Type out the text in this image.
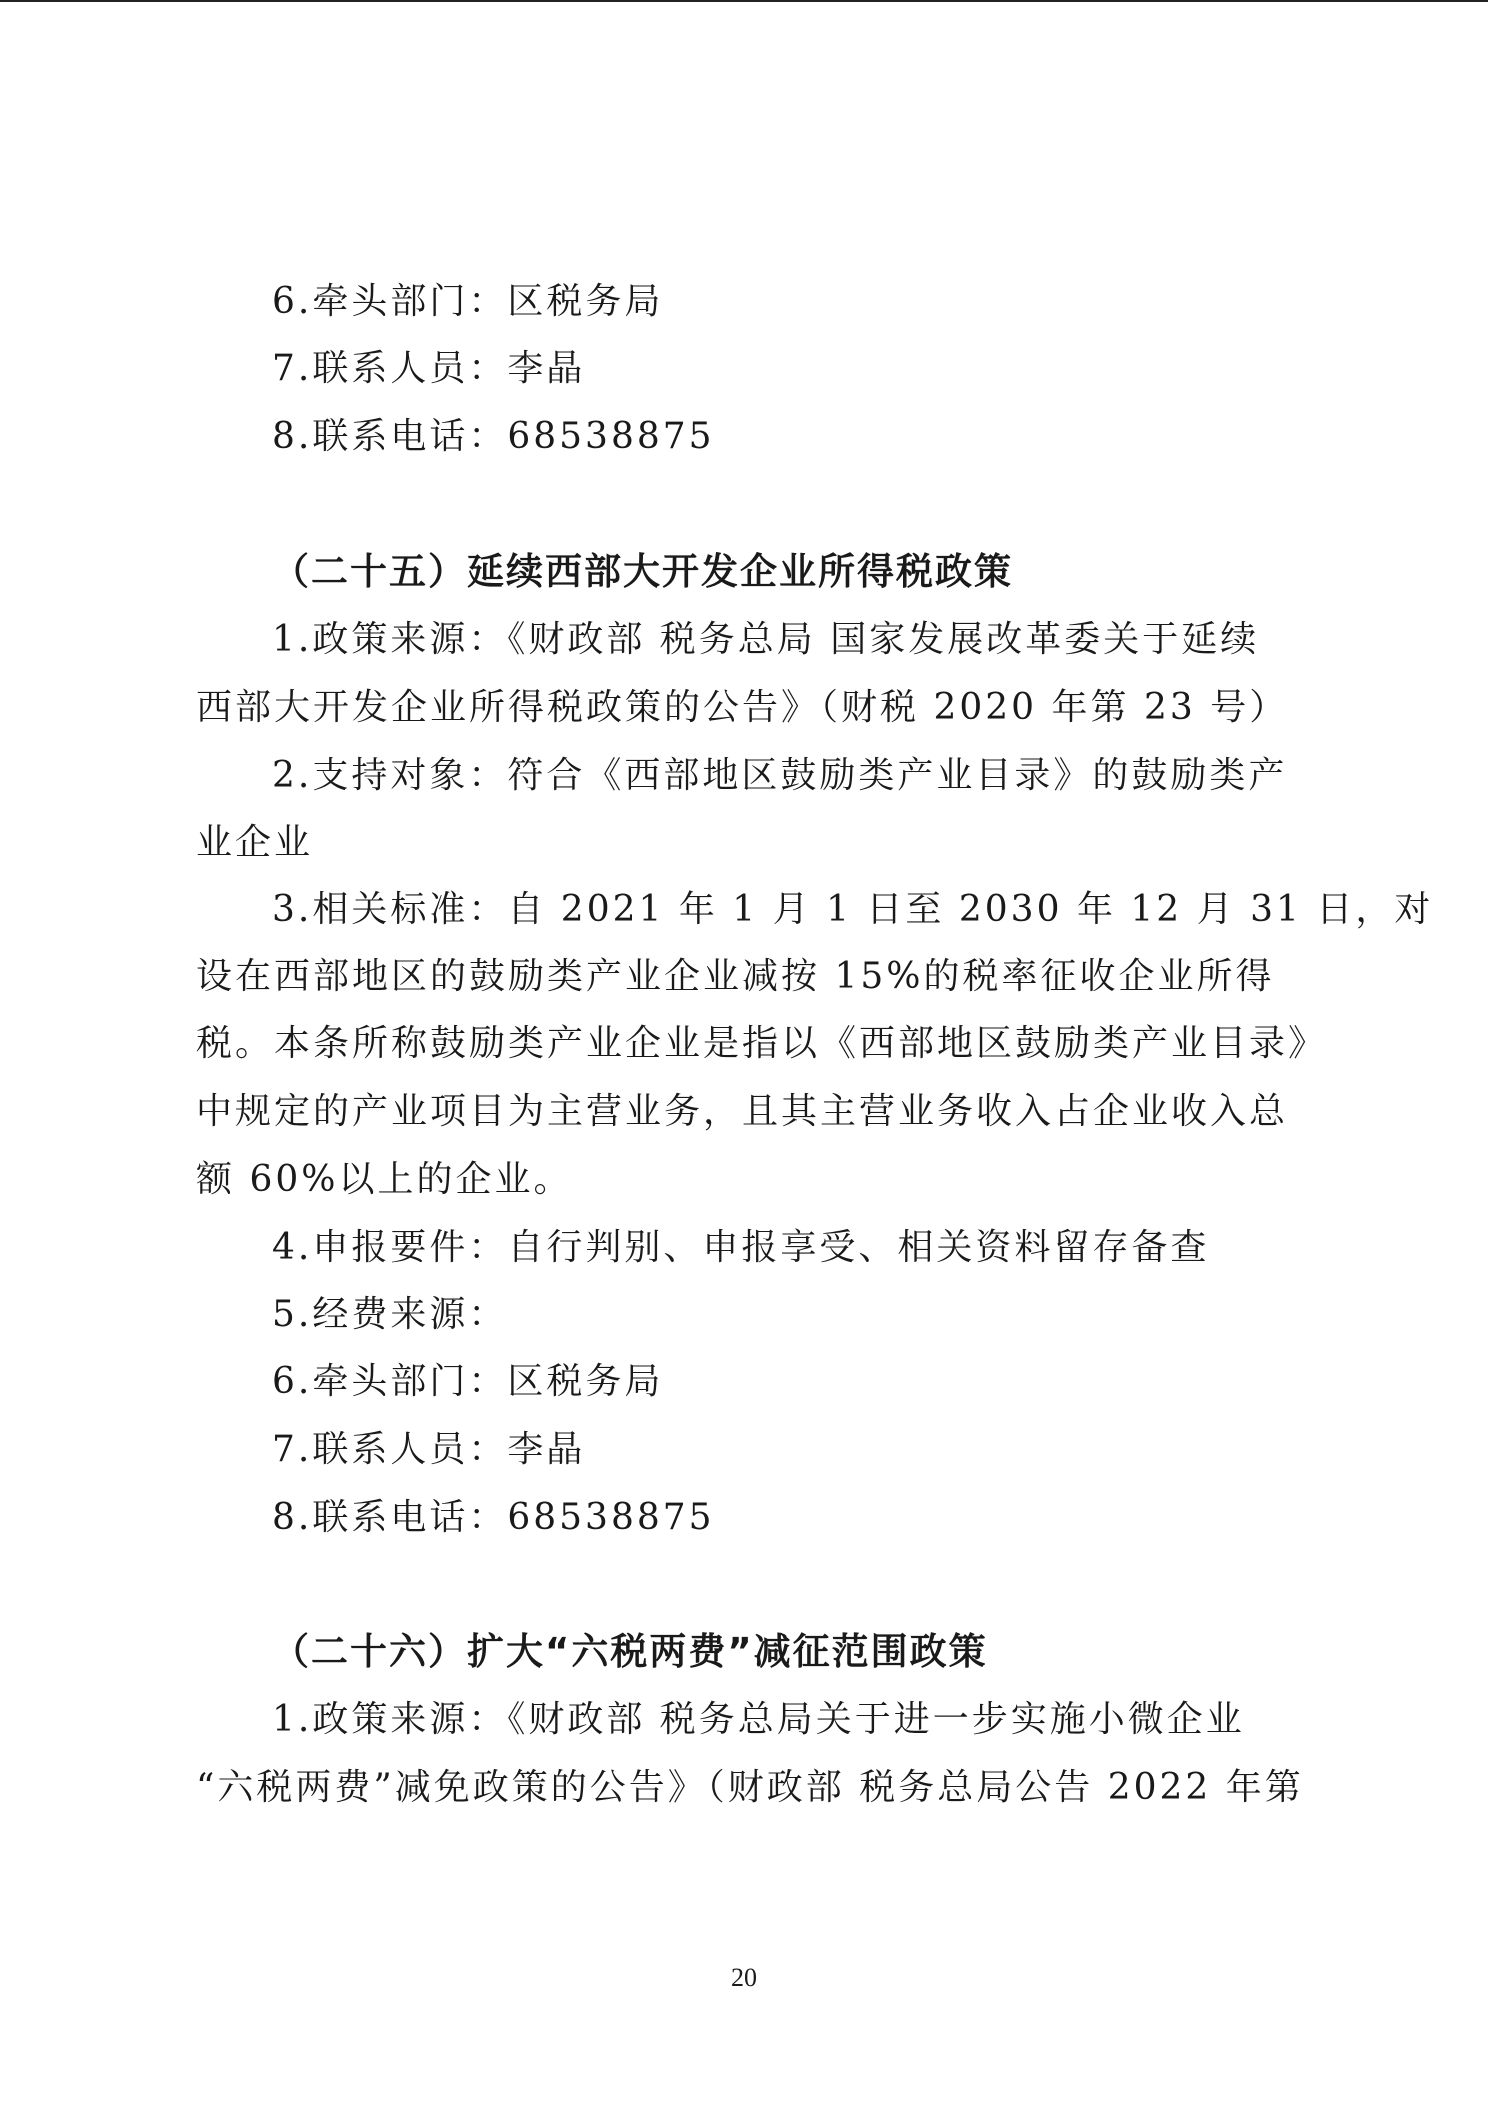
6.牵头部门：区税务局
7.联系人员：李晶
8.联系电话：68538875
（二十五）延续西部大开发企业所得税政策
1.政策来源：《财政部 税务总局 国家发展改革委关于延续
西部大开发企业所得税政策的公告》（财税 2020 年第 23 号）
2.支持对象：符合《西部地区鼓励类产业目录》的鼓励类产
业企业
3.相关标准：自 2021 年 1 月 1 日至 2030 年 12 月 31 日，对
设在西部地区的鼓励类产业企业减按 15%的税率征收企业所得
税。本条所称鼓励类产业企业是指以《西部地区鼓励类产业目录》
中规定的产业项目为主营业务，且其主营业务收入占企业收入总
额 60%以上的企业。
4.申报要件：自行判别、申报享受、相关资料留存备查
5.经费来源：
6.牵头部门：区税务局
7.联系人员：李晶
8.联系电话：68538875
（二十六）扩大“六税两费”减征范围政策
1.政策来源：《财政部 税务总局关于进一步实施小微企业
“六税两费”减免政策的公告》（财政部 税务总局公告 2022 年第
20
